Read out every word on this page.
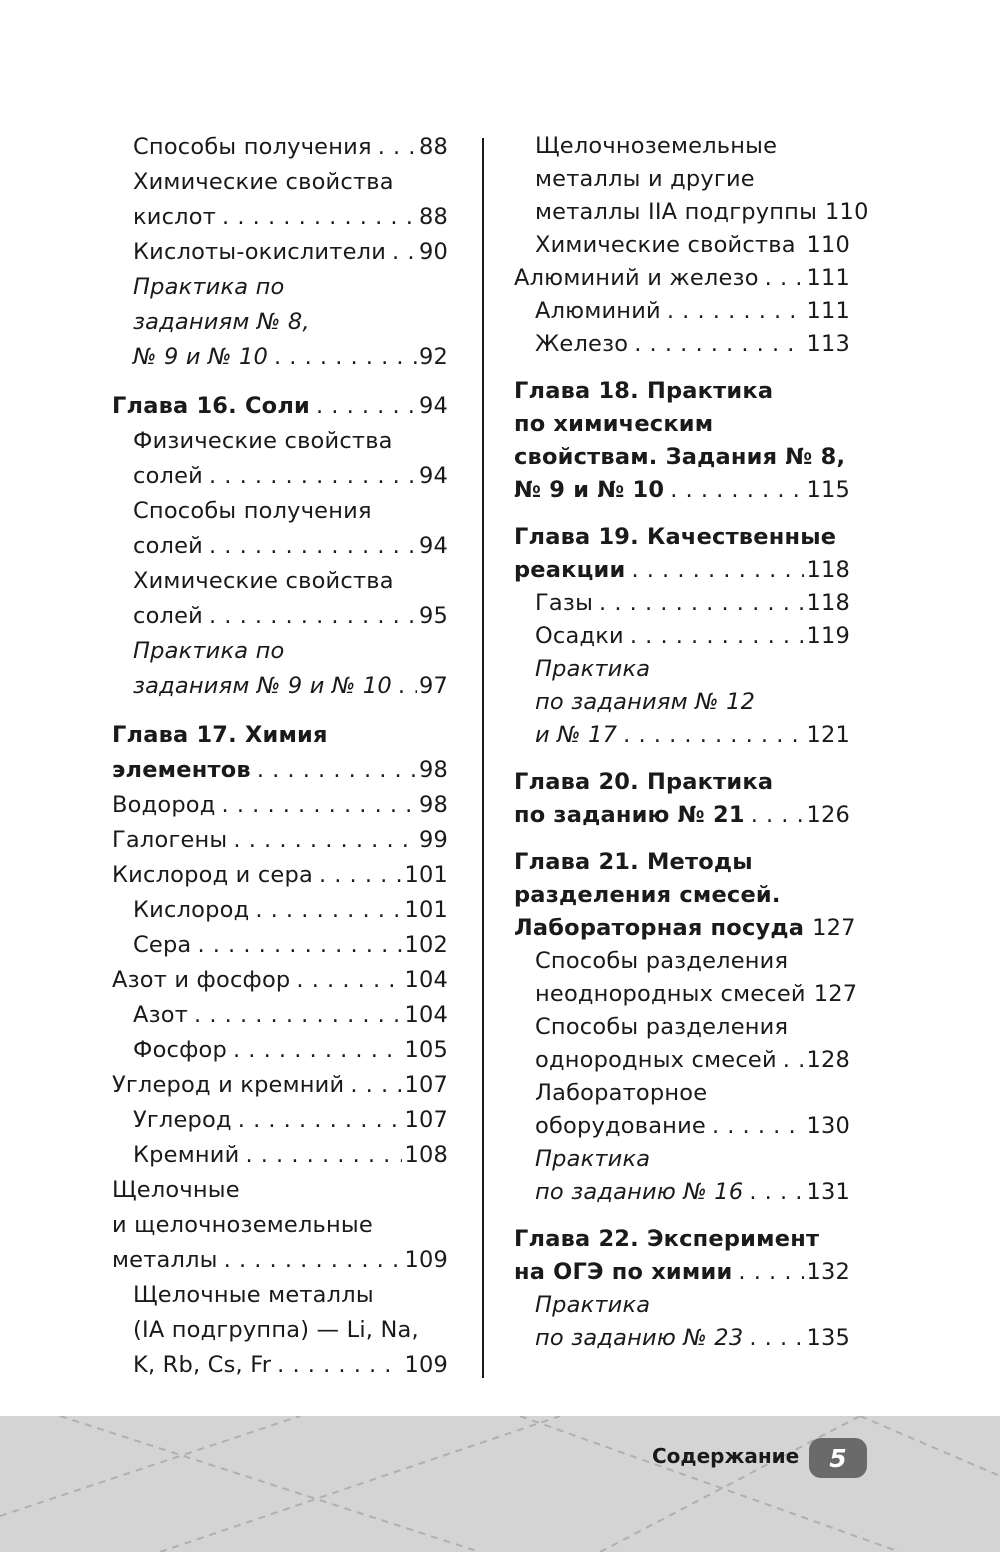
Способы получения . . . 88
Химические свойства
кислот . . .	88
Кислоты-окислители . . . 90
Практика по
заданиям № 8,
№ 9 и № 10 . . .	92
Глава 16. Соли . . .	94
Физические свойства
солей . . .	94
Способы получения
солей . . .	94
Химические свойства
солей . . .	95
Практика по
заданиям № 9 и № 10 . . . 97
Глава 17. Химия
элементов . . .	98
Водород . . .	98
Галогены . . .	99
Кислород и сера . . .	101
Кислород . . .	101
Сера . . .	102
Азот и фосфор . . .	104
Азот . . .	104
Фосфор . . .	105
Углерод и кремний . . .	107
Углерод . . .	107
Кремний . . .	108
Щелочные
и щелочноземельные
металлы . . .	109
Щелочные металлы
(IA подгруппа) — Li, Na,
K, Rb, Cs, Fr . . .	109
Щелочноземельные
металлы и другие
металлы IIA подгруппы 110
Химические свойства . . . 110
Алюминий и железо . . . 111
Алюминий . . .	111
Железо . . .	113
Глава 18. Практика
по химическим
свойствам. Задания № 8,
№ 9 и № 10 . . .	115
Глава 19. Качественные
реакции . . .	118
Газы . . .	118
Осадки . . .	119
Практика
по заданиям № 12
и № 17 . . .	121
Глава 20. Практика
по заданию № 21 . . .	126
Глава 21. Методы
разделения смесей.
Лабораторная посуда 127
Способы разделения
неоднородных смесей 127
Способы разделения
однородных смесей . . . 128
Лабораторное
оборудование . . .	130
Практика
по заданию № 16 . . .	131
Глава 22. Эксперимент
на ОГЭ по химии . . .	132
Практика
по заданию № 23 . . .	135
Содержание	5
